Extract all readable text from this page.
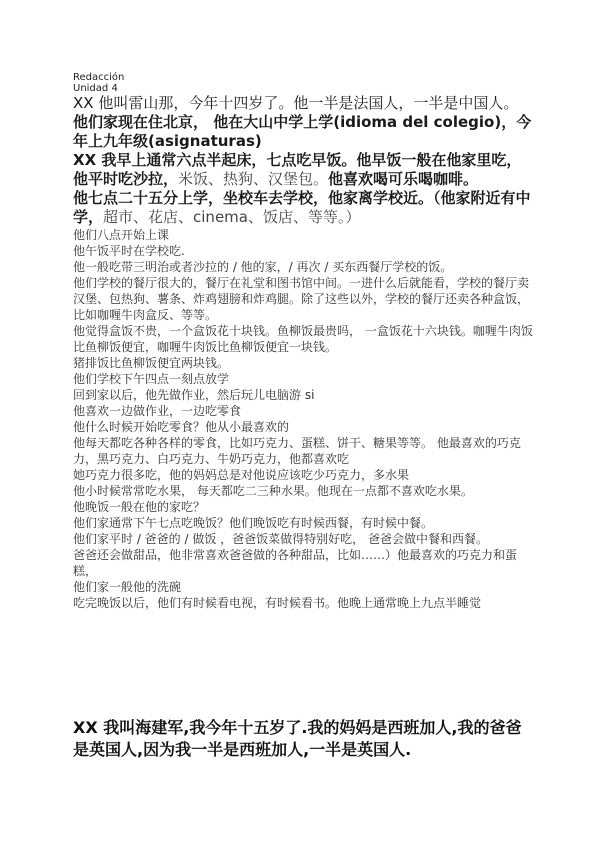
Redacción

Unidad 4

XX 他叫雷山那，今年十四岁了。他一半是法国人，一半是中国人。

他们家现在住北京， 他在大山中学上学(idioma del colegio)，今年上九年级(asignaturas)

XX 我早上通常六点半起床，七点吃早饭。他早饭一般在他家里吃，他平时吃沙拉，米饭、热狗、汉堡包。他喜欢喝可乐喝咖啡。

他七点二十五分上学，坐校车去学校，他家离学校近。（他家附近有中学，超市、花店、cinema、饭店、等等。）

他们八点开始上课

他午饭平时在学校吃.

他一般吃带三明治或者沙拉的 / 他的家，/ 再次 / 买东西餐厅学校的饭。

他们学校的餐厅很大的，餐厅在礼堂和图书馆中间。一进什么后就能看，学校的餐厅卖汉堡、包热狗、薯条、炸鸡翅膀和炸鸡腿。除了这些以外，学校的餐厅还卖各种盒饭，比如咖喱牛肉盒反、等等。

他觉得盒饭不贵，一个盒饭花十块钱。鱼柳饭最贵吗， 一盒饭花十六块钱。咖喱牛肉饭比鱼柳饭便宜，咖喱牛肉饭比鱼柳饭便宜一块钱。

猪排饭比鱼柳饭便宜两块钱。

他们学校下午四点一刻点放学

回到家以后，他先做作业，然后玩儿电脑游 si

他喜欢一边做作业，一边吃零食

他什么时候开始吃零食？他从小最喜欢的

他每天都吃各种各样的零食，比如巧克力、蛋糕、饼干、糖果等等。 他最喜欢的巧克力，黑巧克力、白巧克力、牛奶巧克力，他都喜欢吃

她巧克力很多吃，他的妈妈总是对他说应该吃少巧克力，多水果

他小时候常常吃水果， 每天都吃二三种水果。他现在一点都不喜欢吃水果。

他晚饭一般在他的家吃？

他们家通常下午七点吃晚饭？他们晚饭吃有时候西餐，有时候中餐。

他们家平时 / 爸爸的 / 做饭 ，爸爸饭菜做得特别好吃， 爸爸会做中餐和西餐。

爸爸还会做甜品，他非常喜欢爸爸做的各种甜品，比如……）他最喜欢的巧克力和蛋糕，

他们家一般他的洗碗

吃完晚饭以后，他们有时候看电视，有时候看书。他晚上通常晚上九点半睡觉

XX 我叫海建军,我今年十五岁了.我的妈妈是西班加人,我的爸爸是英国人,因为我一半是西班加人,一半是英国人.
